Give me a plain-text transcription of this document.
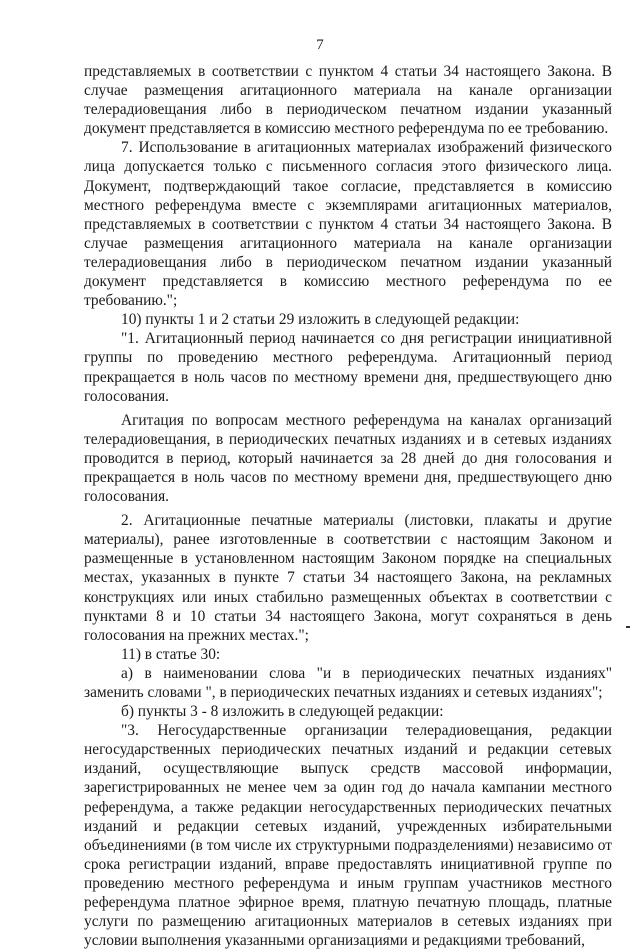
7

представляемых в соответствии с пунктом 4 статьи 34 настоящего Закона. В случае размещения агитационного материала на канале организации телерадиовещания либо в периодическом печатном издании указанный документ представляется в комиссию местного референдума по ее требованию.

7. Использование в агитационных материалах изображений физического лица допускается только с письменного согласия этого физического лица. Документ, подтверждающий такое согласие, представляется в комиссию местного референдума вместе с экземплярами агитационных материалов, представляемых в соответствии с пунктом 4 статьи 34 настоящего Закона. В случае размещения агитационного материала на канале организации телерадиовещания либо в периодическом печатном издании указанный документ представляется в комиссию местного референдума по ее требованию.";

10) пункты 1 и 2 статьи 29 изложить в следующей редакции:

"1. Агитационный период начинается со дня регистрации инициативной группы по проведению местного референдума. Агитационный период прекращается в ноль часов по местному времени дня, предшествующего дню голосования.

Агитация по вопросам местного референдума на каналах организаций телерадиовещания, в периодических печатных изданиях и в сетевых изданиях проводится в период, который начинается за 28 дней до дня голосования и прекращается в ноль часов по местному времени дня, предшествующего дню голосования.

2. Агитационные печатные материалы (листовки, плакаты и другие материалы), ранее изготовленные в соответствии с настоящим Законом и размещенные в установленном настоящим Законом порядке на специальных местах, указанных в пункте 7 статьи 34 настоящего Закона, на рекламных конструкциях или иных стабильно размещенных объектах в соответствии с пунктами 8 и 10 статьи 34 настоящего Закона, могут сохраняться в день голосования на прежних местах.";

11) в статье 30:

а) в наименовании слова "и в периодических печатных изданиях" заменить словами ", в периодических печатных изданиях и сетевых изданиях";

б) пункты 3 - 8 изложить в следующей редакции:

"3. Негосударственные организации телерадиовещания, редакции негосударственных периодических печатных изданий и редакции сетевых изданий, осуществляющие выпуск средств массовой информации, зарегистрированных не менее чем за один год до начала кампании местного референдума, а также редакции негосударственных периодических печатных изданий и редакции сетевых изданий, учрежденных избирательными объединениями (в том числе их структурными подразделениями) независимо от срока регистрации изданий, вправе предоставлять инициативной группе по проведению местного референдума и иным группам участников местного референдума платное эфирное время, платную печатную площадь, платные услуги по размещению агитационных материалов в сетевых изданиях при условии выполнения указанными организациями и редакциями требований,
